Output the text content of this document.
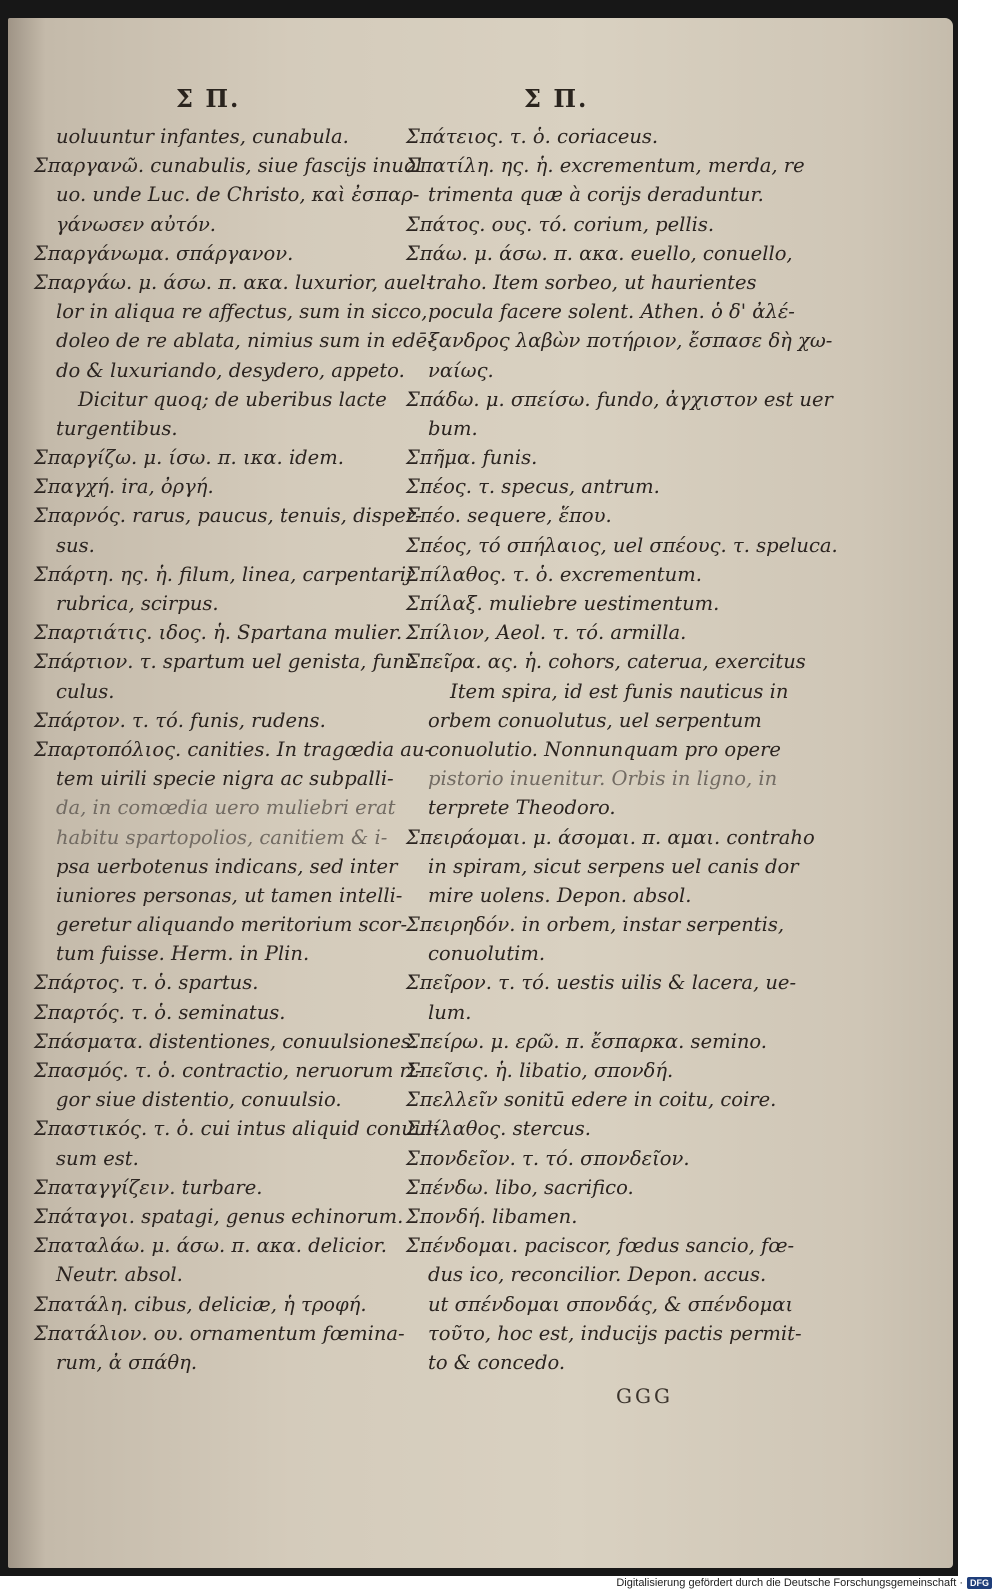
Σ Π.	Σ Π.
uoluuntur infantes, cunabula.
Σπαργανῶ. cunabulis, siue fascijs inuol
uo. unde Luc. de Christo, καὶ ἐσπαρ-
γάνωσεν αὐτόν.
Σπαργάνωμα. σπάργανον.
Σπαργάω. μ. άσω. π. ακα. luxurior, auel-
lor in aliqua re affectus, sum in sicco,
doleo de re ablata, nimius sum in edē-
do & luxuriando, desydero, appeto.
Dicitur quoq; de uberibus lacte
turgentibus.
Σπαργίζω. μ. ίσω. π. ικα. idem.
Σπαγχή. ira, ὀργή.
Σπαρνός. rarus, paucus, tenuis, disper-
sus.
Σπάρτη. ης. ἡ. filum, linea, carpentarij
rubrica, scirpus.
Σπαρτιάτις. ιδος. ἡ. Spartana mulier.
Σπάρτιον. τ. spartum uel genista, funi-
culus.
Σπάρτον. τ. τό. funis, rudens.
Σπαρτοπόλιος. canities. In tragœdia au-
tem uirili specie nigra ac subpalli-
da, in comœdia uero muliebri erat
habitu spartopolios, canitiem & i-
psa uerbotenus indicans, sed inter
iuniores personas, ut tamen intelli-
geretur aliquando meritorium scor-
tum fuisse. Herm. in Plin.
Σπάρτος. τ. ὁ. spartus.
Σπαρτός. τ. ὁ. seminatus.
Σπάσματα. distentiones, conuulsiones.
Σπασμός. τ. ὁ. contractio, neruorum ri-
gor siue distentio, conuulsio.
Σπαστικός. τ. ὁ. cui intus aliquid conuul-
sum est.
Σπαταγγίζειν. turbare.
Σπάταγοι. spatagi, genus echinorum.
Σπαταλάω. μ. άσω. π. ακα. delicior.
Neutr. absol.
Σπατάλη. cibus, deliciæ, ἡ τροφή.
Σπατάλιον. ου. ornamentum fœmina-
rum, ἀ σπάθη.
Σπάτειος. τ. ὁ. coriaceus.
Σπατίλη. ης. ἡ. excrementum, merda, re
trimenta quæ à corijs deraduntur.
Σπάτος. ους. τό. corium, pellis.
Σπάω. μ. άσω. π. ακα. euello, conuello,
traho. Item sorbeo, ut haurientes
pocula facere solent. Athen. ὁ δ' ἀλέ-
ξανδρος λαβὼν ποτήριον, ἔσπασε δὴ χω-
ναίως.
Σπάδω. μ. σπείσω. fundo, ἀγχιστον est uer
bum.
Σπῆμα. funis.
Σπέος. τ. specus, antrum.
Σπέο. sequere, ἕπου.
Σπέος, τό σπήλαιος, uel σπέους. τ. speluca.
Σπίλαθος. τ. ὁ. excrementum.
Σπίλαξ. muliebre uestimentum.
Σπίλιον, Aeol. τ. τό. armilla.
Σπεῖρα. ας. ἡ. cohors, caterua, exercitus
Item spira, id est funis nauticus in
orbem conuolutus, uel serpentum
conuolutio. Nonnunquam pro opere
pistorio inuenitur. Orbis in ligno, in
terprete Theodoro.
Σπειράομαι. μ. άσομαι. π. αμαι. contraho
in spiram, sicut serpens uel canis dor
mire uolens. Depon. absol.
Σπειρηδόν. in orbem, instar serpentis,
conuolutim.
Σπεῖρον. τ. τό. uestis uilis & lacera, ue-
lum.
Σπείρω. μ. ερῶ. π. ἔσπαρκα. semino.
Σπεῖσις. ἡ. libatio, σπονδή.
Σπελλεῖν sonitū edere in coitu, coire.
Σπίλαθος. stercus.
Σπονδεῖον. τ. τό. σπονδεῖον.
Σπένδω. libo, sacrifico.
Σπονδή. libamen.
Σπένδομαι. paciscor, fœdus sancio, fœ-
dus ico, reconcilior. Depon. accus.
ut σπένδομαι σπονδάς, & σπένδομαι
τοῦτο, hoc est, inducijs pactis permit-
to & concedo.
GGG
Digitalisierung gefördert durch die Deutsche Forschungsgemeinschaft · DFG
